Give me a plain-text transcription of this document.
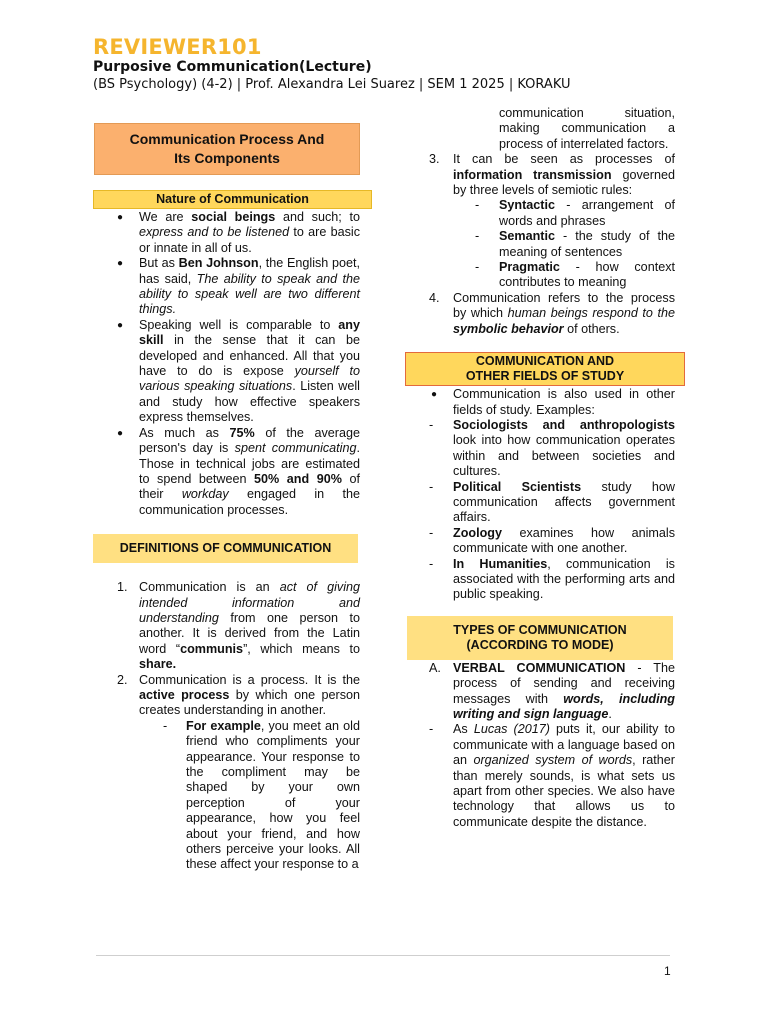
REVIEWER101
Purposive Communication(Lecture)
(BS Psychology) (4-2) | Prof. Alexandra Lei Suarez | SEM 1 2025 | KORAKU
Communication Process And
Its Components
Nature of Communication
● We are social beings and such; to express and to be listened to are basic or innate in all of us.
● But as Ben Johnson, the English poet, has said, The ability to speak and the ability to speak well are two different things.
● Speaking well is comparable to any skill in the sense that it can be developed and enhanced. All that you have to do is expose yourself to various speaking situations. Listen well and study how effective speakers express themselves.
● As much as 75% of the average person's day is spent communicating. Those in technical jobs are estimated to spend between 50% and 90% of their workday engaged in the communication processes.
DEFINITIONS OF COMMUNICATION
1. Communication is an act of giving intended information and understanding from one person to another. It is derived from the Latin word “communis”, which means to share.
2. Communication is a process. It is the active process by which one person creates understanding in another.
- For example, you meet an old friend who compliments your appearance. Your response to the compliment may be shaped by your own perception of your appearance, how you feel about your friend, and how others perceive your looks. All these affect your response to a
communication situation, making communication a process of interrelated factors.
3. It can be seen as processes of information transmission governed by three levels of semiotic rules:
- Syntactic - arrangement of words and phrases
- Semantic - the study of the meaning of sentences
- Pragmatic - how context contributes to meaning
4. Communication refers to the process by which human beings respond to the symbolic behavior of others.
COMMUNICATION AND
OTHER FIELDS OF STUDY
● Communication is also used in other fields of study. Examples:
- Sociologists and anthropologists look into how communication operates within and between societies and cultures.
- Political Scientists study how communication affects government affairs.
- Zoology examines how animals communicate with one another.
- In Humanities, communication is associated with the performing arts and public speaking.
TYPES OF COMMUNICATION
(ACCORDING TO MODE)
A. VERBAL COMMUNICATION - The process of sending and receiving messages with words, including writing and sign language.
- As Lucas (2017) puts it, our ability to communicate with a language based on an organized system of words, rather than merely sounds, is what sets us apart from other species. We also have technology that allows us to communicate despite the distance.
1
